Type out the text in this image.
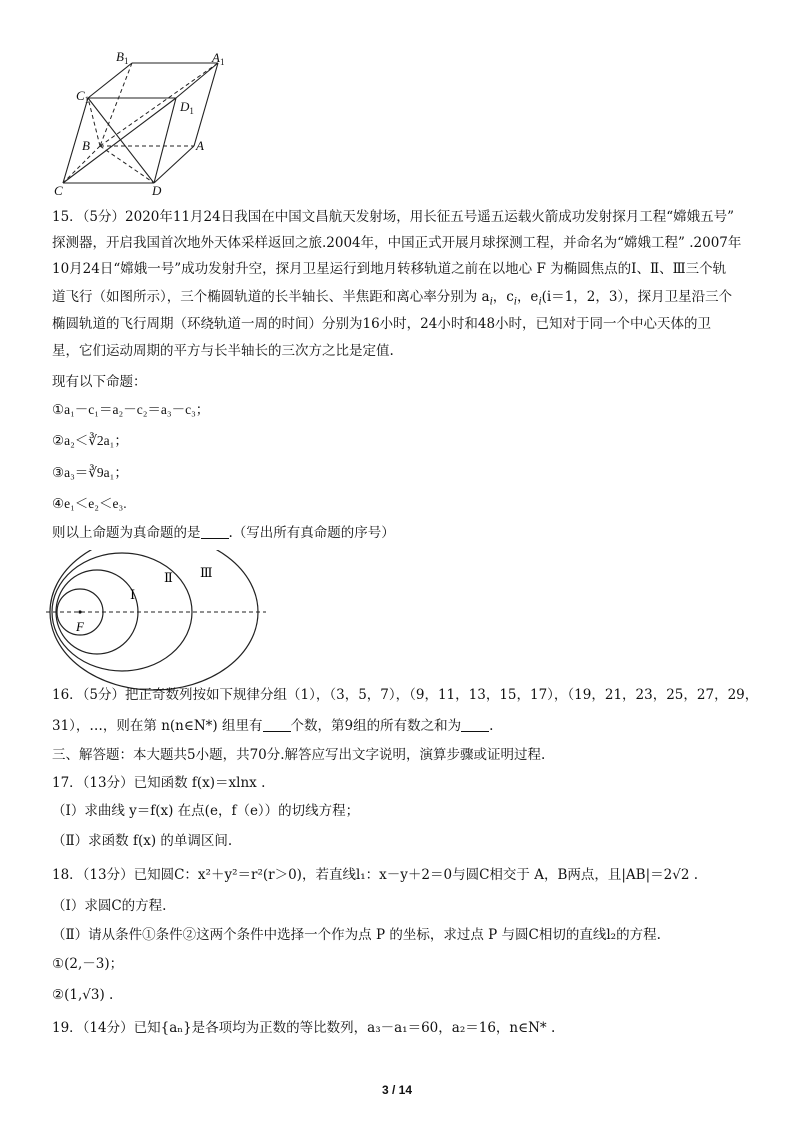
$B_1$	$A_1$
$C_1$	$D_1$
B	A
C	D
15．（5分）2020年11月24日我国在中国文昌航天发射场，用长征五号遥五运载火箭成功发射探月工程“嫦娥五号”
探测器，开启我国首次地外天体采样返回之旅.2004年，中国正式开展月球探测工程，并命名为“嫦娥工程” .2007年
10月24日“嫦娥一号”成功发射升空，探月卫星运行到地月转移轨道之前在以地心 F 为椭圆焦点的Ⅰ、Ⅱ、Ⅲ三个轨
道飞行（如图所示），三个椭圆轨道的长半轴长、半焦距和离心率分别为 $a_i$，$c_i$，$e_i(i=1$，2，3），探月卫星沿三个
椭圆轨道的飞行周期（环绕轨道一周的时间）分别为16小时，24小时和48小时，已知对于同一个中心天体的卫
星，它们运动周期的平方与长半轴长的三次方之比是定值.
现有以下命题：
①a₁－c₁＝a₂－c₂＝a₃－c₃；
②a₂＜∛2a₁；
③a₃＝∛9a₁；
④e₁＜e₂＜e₃.
则以上命题为真命题的是 .（写出所有真命题的序号）
Ⅲ
Ⅱ
Ⅰ
F
16．（5分）把正奇数列按如下规律分组（1），（3，5，7），（9，11，13，15，17），（19，21，23，25，27，29，
31），…，则在第 n(n∈N*) 组里有 个数，第9组的所有数之和为 .
三、解答题：本大题共5小题，共70分.解答应写出文字说明，演算步骤或证明过程.
17．（13分）已知函数 f(x)＝xlnx .
（Ⅰ）求曲线 y＝f(x) 在点(e，f（e））的切线方程；
（Ⅱ）求函数 f(x) 的单调区间.
18．（13分）已知圆C：x²＋y²＝r²(r＞0)，若直线l₁：x－y＋2＝0与圆C相交于 A，B两点，且|AB|＝2√2 .
（Ⅰ）求圆C的方程.
（Ⅱ）请从条件①条件②这两个条件中选择一个作为点 P 的坐标，求过点 P 与圆C相切的直线l₂的方程.
①(2,－3)；
②(1,√3) .
19．（14分）已知{aₙ}是各项均为正数的等比数列，a₃－a₁＝60，a₂＝16，n∈N* .
3 / 14
